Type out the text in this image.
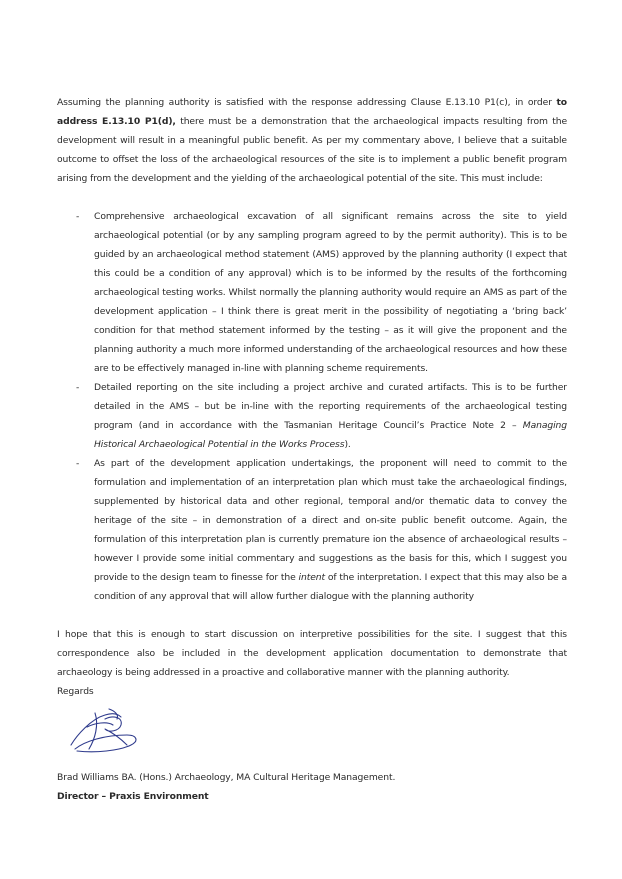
Assuming the planning authority is satisfied with the response addressing Clause E.13.10 P1(c), in order to address E.13.10 P1(d), there must be a demonstration that the archaeological impacts resulting from the development will result in a meaningful public benefit. As per my commentary above, I believe that a suitable outcome to offset the loss of the archaeological resources of the site is to implement a public benefit program arising from the development and the yielding of the archaeological potential of the site. This must include:

- Comprehensive archaeological excavation of all significant remains across the site to yield archaeological potential (or by any sampling program agreed to by the permit authority). This is to be guided by an archaeological method statement (AMS) approved by the planning authority (I expect that this could be a condition of any approval) which is to be informed by the results of the forthcoming archaeological testing works. Whilst normally the planning authority would require an AMS as part of the development application – I think there is great merit in the possibility of negotiating a ‘bring back’ condition for that method statement informed by the testing – as it will give the proponent and the planning authority a much more informed understanding of the archaeological resources and how these are to be effectively managed in-line with planning scheme requirements.
- Detailed reporting on the site including a project archive and curated artifacts. This is to be further detailed in the AMS – but be in-line with the reporting requirements of the archaeological testing program (and in accordance with the Tasmanian Heritage Council’s Practice Note 2 – Managing Historical Archaeological Potential in the Works Process).
- As part of the development application undertakings, the proponent will need to commit to the formulation and implementation of an interpretation plan which must take the archaeological findings, supplemented by historical data and other regional, temporal and/or thematic data to convey the heritage of the site – in demonstration of a direct and on-site public benefit outcome. Again, the formulation of this interpretation plan is currently premature ion the absence of archaeological results – however I provide some initial commentary and suggestions as the basis for this, which I suggest you provide to the design team to finesse for the intent of the interpretation. I expect that this may also be a condition of any approval that will allow further dialogue with the planning authority

I hope that this is enough to start discussion on interpretive possibilities for the site. I suggest that this correspondence also be included in the development application documentation to demonstrate that archaeology is being addressed in a proactive and collaborative manner with the planning authority.

Regards

Brad Williams BA. (Hons.) Archaeology, MA Cultural Heritage Management.

Director – Praxis Environment
